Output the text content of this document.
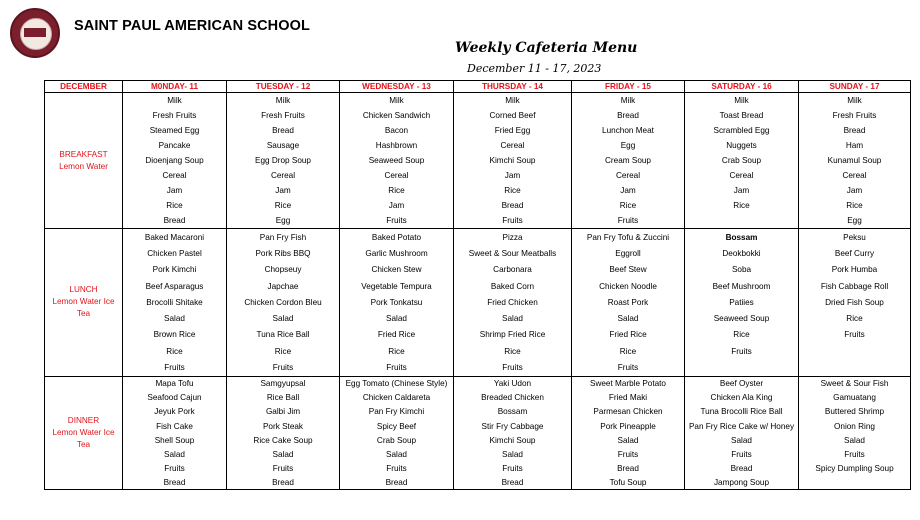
SAINT PAUL AMERICAN SCHOOL
Weekly Cafeteria Menu
December 11 - 17, 2023
DECEMBER	M0NDAY- 11	TUESDAY - 12	WEDNESDAY - 13	THURSDAY - 14	FRIDAY - 15	SATURDAY - 16	SUNDAY - 17

BREAKFAST
Lemon Water	Milk	Milk	Milk	Milk	Milk	Milk	Milk
	Fresh Fruits	Fresh Fruits	Chicken Sandwich	Corned Beef	Bread	Toast Bread	Fresh Fruits
	Steamed Egg	Bread	Bacon	Fried Egg	Lunchon Meat	Scrambled Egg	Bread
	Pancake	Sausage	Hashbrown	Cereal	Egg	Nuggets	Ham
	Dioenjang Soup	Egg Drop Soup	Seaweed Soup	Kimchi Soup	Cream Soup	Crab Soup	Kunamul Soup
	Cereal	Cereal	Cereal	Jam	Cereal	Cereal	Cereal
	Jam	Jam	Rice	Rice	Jam	Jam	Jam
	Rice	Rice	Jam	Bread	Rice	Rice	Rice
	Bread	Egg	Fruits	Fruits	Fruits		Egg

LUNCH
Lemon Water Ice Tea	Baked Macaroni	Pan Fry Fish	Baked Potato	Pizza	Pan Fry Tofu & Zuccini	Bossam	Peksu
	Chicken Pastel	Pork Ribs BBQ	Garlic Mushroom	Sweet & Sour Meatballs	Eggroll	Deokbokki	Beef Curry
	Pork Kimchi	Chopseuy	Chicken Stew	Carbonara	Beef Stew	Soba	Pork Humba
	Beef Asparagus	Japchae	Vegetable Tempura	Baked Corn	Chicken Noodle	Beef Mushroom	Fish Cabbage Roll
	Brocolli Shitake	Chicken Cordon Bleu	Pork Tonkatsu	Fried Chicken	Roast Pork	Patiies	Dried Fish Soup
	Salad	Salad	Salad	Salad	Salad	Seaweed Soup	Rice
	Brown Rice	Tuna Rice Ball	Fried Rice	Shrimp Fried Rice	Fried Rice	Rice	Fruits
	Rice	Rice	Rice	Rice	Rice	Fruits	
	Fruits	Fruits	Fruits	Fruits	Fruits		

DINNER
Lemon Water Ice Tea	Mapa Tofu	Samgyupsal	Egg Tomato (Chinese Style)	Yaki Udon	Sweet Marble Potato	Beef Oyster	Sweet & Sour Fish
	Seafood Cajun	Rice Ball	Chicken Caldareta	Breaded Chicken	Fried Maki	Chicken Ala King	Gamuatang
	Jeyuk Pork	Galbi Jim	Pan Fry Kimchi	Bossam	Parmesan Chicken	Tuna Brocolli Rice Ball	Buttered Shrimp
	Fish Cake	Pork Steak	Spicy Beef	Stir Fry Cabbage	Pork Pineapple	Pan Fry Rice Cake w/ Honey	Onion Ring
	Shell Soup	Rice Cake Soup	Crab Soup	Kimchi Soup	Salad	Salad	Salad
	Salad	Salad	Salad	Salad	Fruits	Fruits	Fruits
	Fruits	Fruits	Fruits	Fruits	Bread	Bread	Spicy Dumpling Soup
	Bread	Bread	Bread	Bread	Tofu Soup	Jampong Soup	
